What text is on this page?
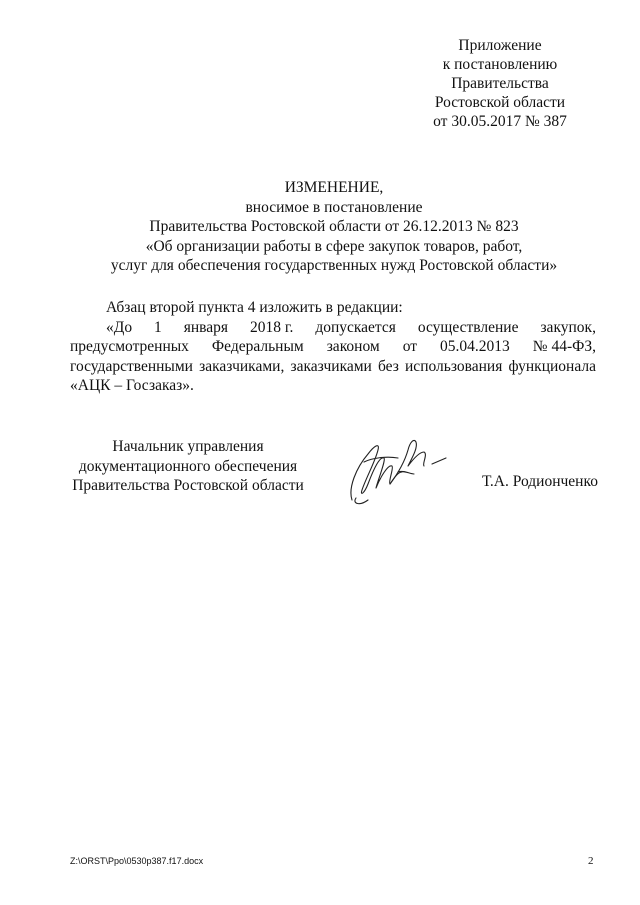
Приложение
к постановлению
Правительства
Ростовской области
от 30.05.2017 № 387
ИЗМЕНЕНИЕ,
вносимое в постановление
Правительства Ростовской области от 26.12.2013 № 823
«Об организации работы в сфере закупок товаров, работ,
услуг для обеспечения государственных нужд Ростовской области»
Абзац второй пункта 4 изложить в редакции:
«До 1 января 2018 г. допускается осуществление закупок,
предусмотренных Федеральным законом от 05.04.2013 № 44-ФЗ,
государственными заказчиками, заказчиками без использования функционала
«АЦК – Госзаказ».
Начальник управления
документационного обеспечения
Правительства Ростовской области	Т.А. Родионченко
Z:\ORST\Ppo\0530p387.f17.docx	2
